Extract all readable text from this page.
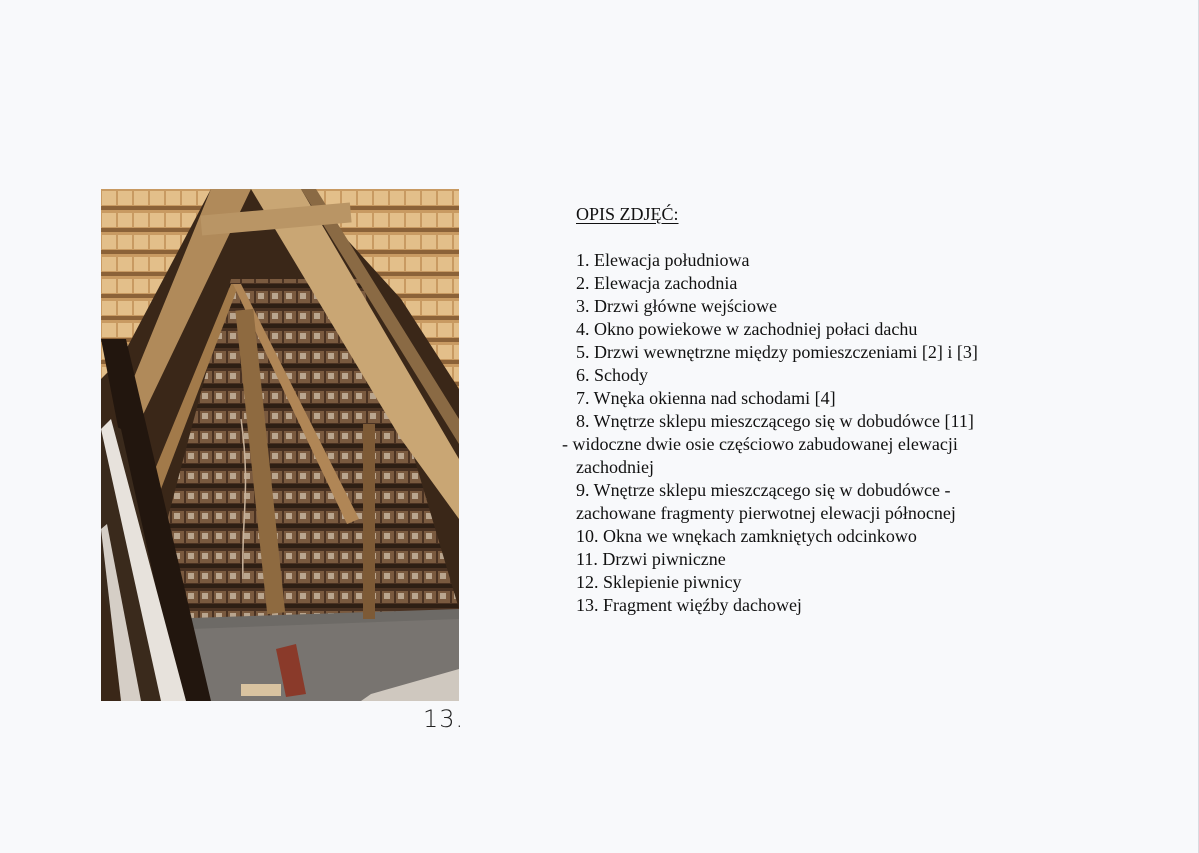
13.
OPIS ZDJĘĆ:
1. Elewacja południowa
2. Elewacja zachodnia
3. Drzwi główne wejściowe
4. Okno powiekowe w zachodniej połaci dachu
5. Drzwi wewnętrzne między pomieszczeniami [2] i [3]
6. Schody
7. Wnęka okienna nad schodami [4]
8. Wnętrze sklepu mieszczącego się w dobudówce [11]
- widoczne dwie osie częściowo zabudowanej elewacji
zachodniej
9. Wnętrze sklepu mieszczącego się w dobudówce -
zachowane fragmenty pierwotnej elewacji północnej
10. Okna we wnękach zamkniętych odcinkowo
11. Drzwi piwniczne
12. Sklepienie piwnicy
13. Fragment więźby dachowej
